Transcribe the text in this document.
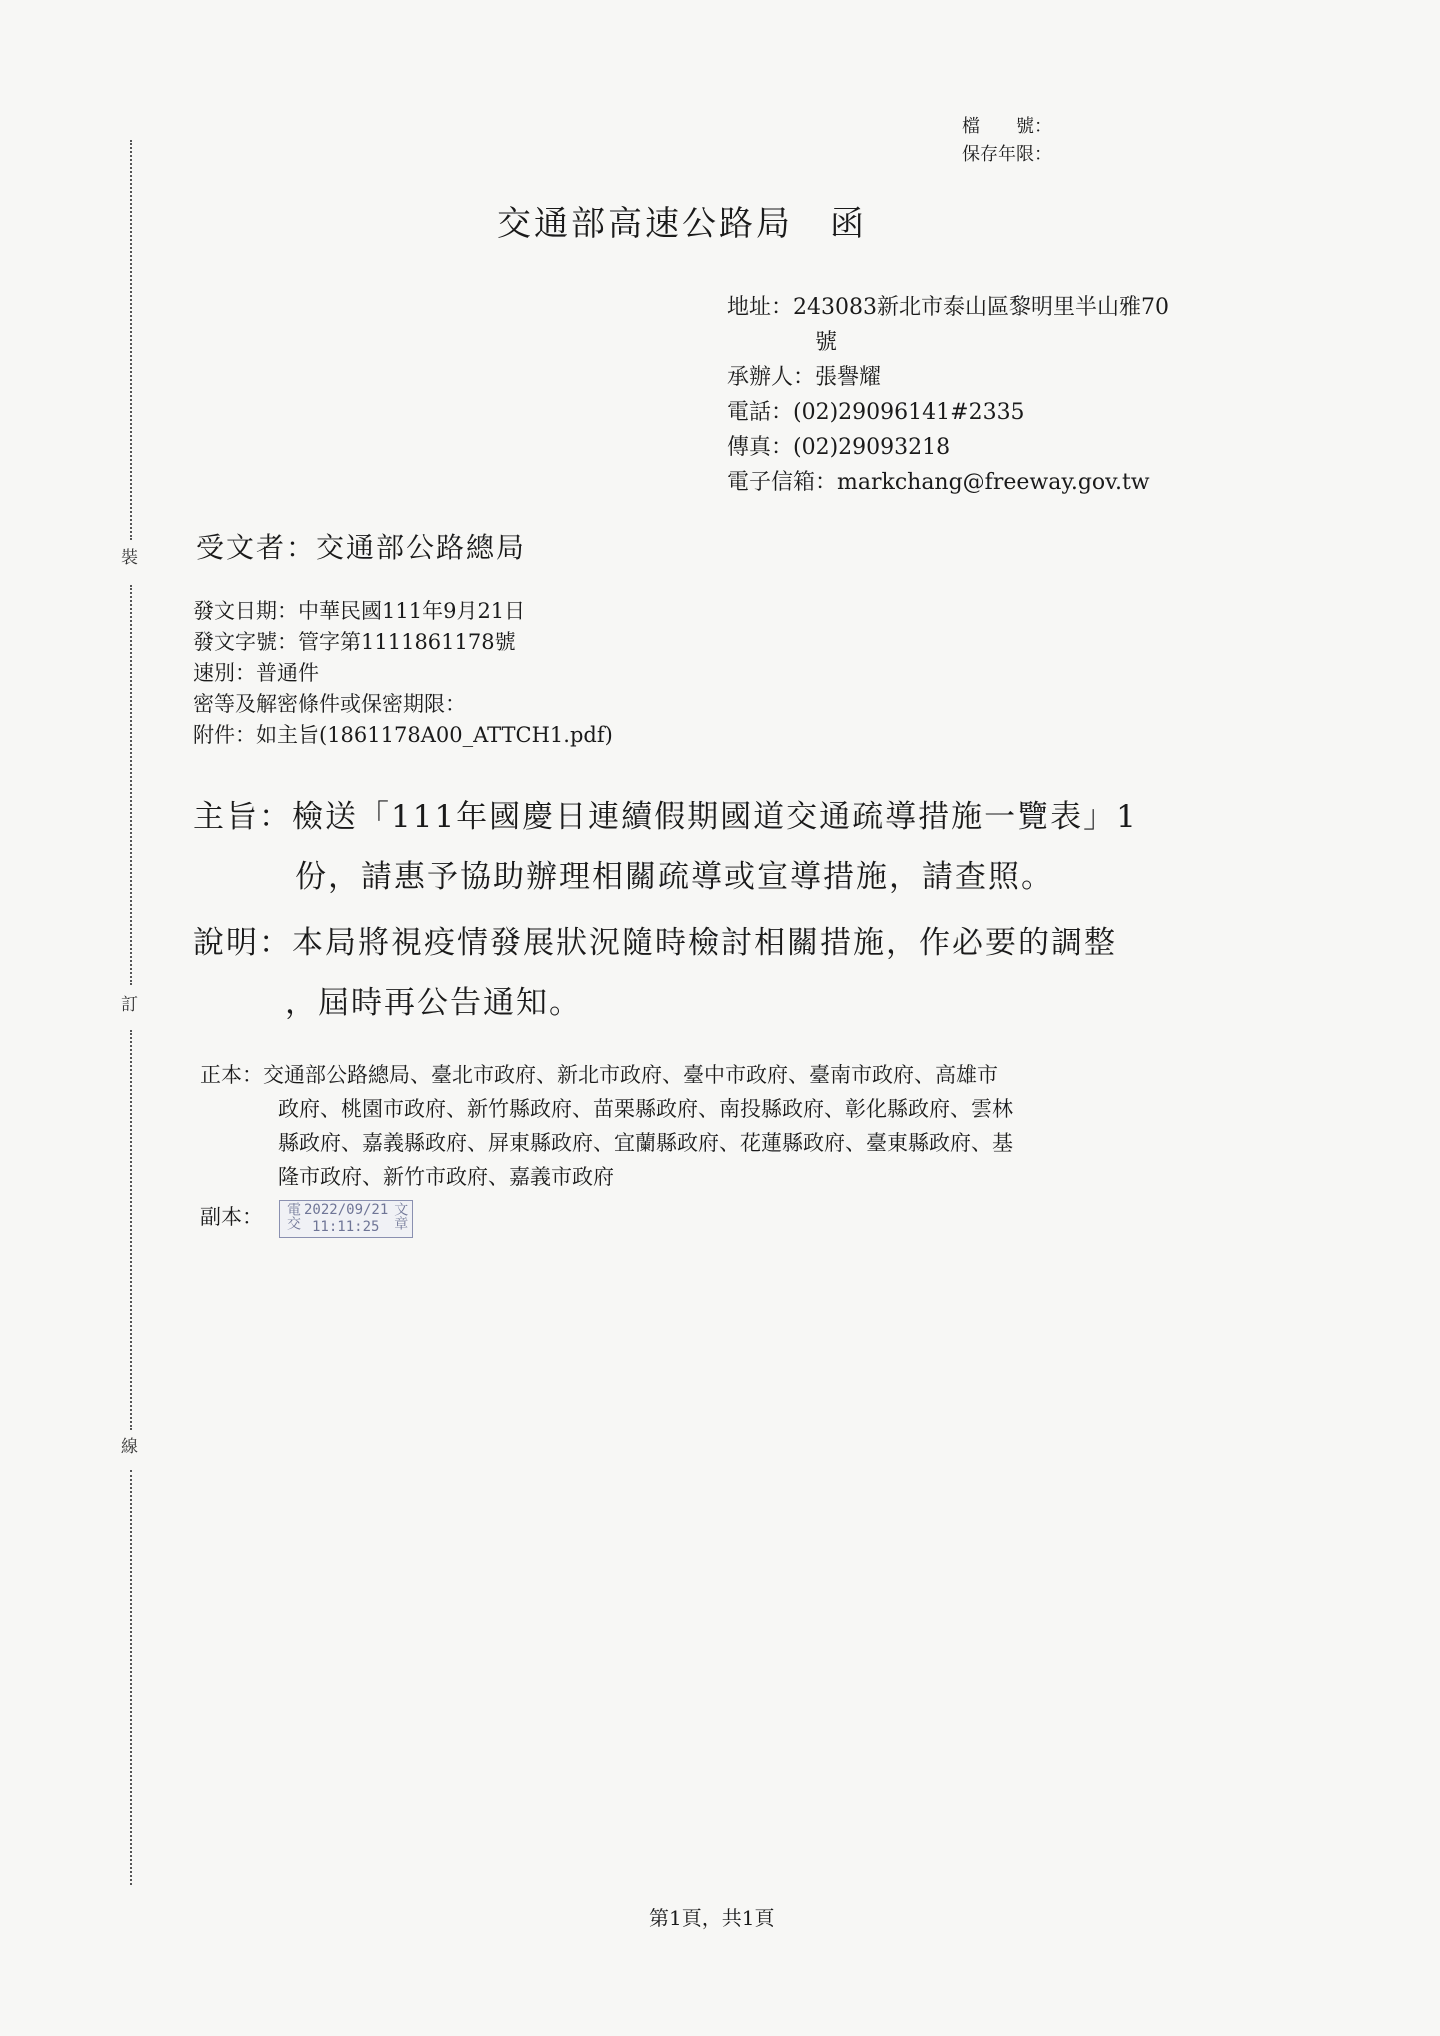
裝
訂
線
檔　　號：
保存年限：
交通部高速公路局　函
地址：243083新北市泰山區黎明里半山雅70
號
承辦人：張譽耀
電話：(02)29096141#2335
傳真：(02)29093218
電子信箱：markchang@freeway.gov.tw
受文者：交通部公路總局
發文日期：中華民國111年9月21日
發文字號：管字第1111861178號
速別：普通件
密等及解密條件或保密期限：
附件：如主旨(1861178A00_ATTCH1.pdf)
主旨：檢送「111年國慶日連續假期國道交通疏導措施一覽表」1
份，請惠予協助辦理相關疏導或宣導措施，請查照。
說明：本局將視疫情發展狀況隨時檢討相關措施，作必要的調整
，屆時再公告通知。
正本：交通部公路總局、臺北市政府、新北市政府、臺中市政府、臺南市政府、高雄市
政府、桃園市政府、新竹縣政府、苗栗縣政府、南投縣政府、彰化縣政府、雲林
縣政府、嘉義縣政府、屏東縣政府、宜蘭縣政府、花蓮縣政府、臺東縣政府、基
隆市政府、新竹市政府、嘉義市政府
副本：	電交 2022/09/21
11:11:25 文章
第1頁，共1頁
